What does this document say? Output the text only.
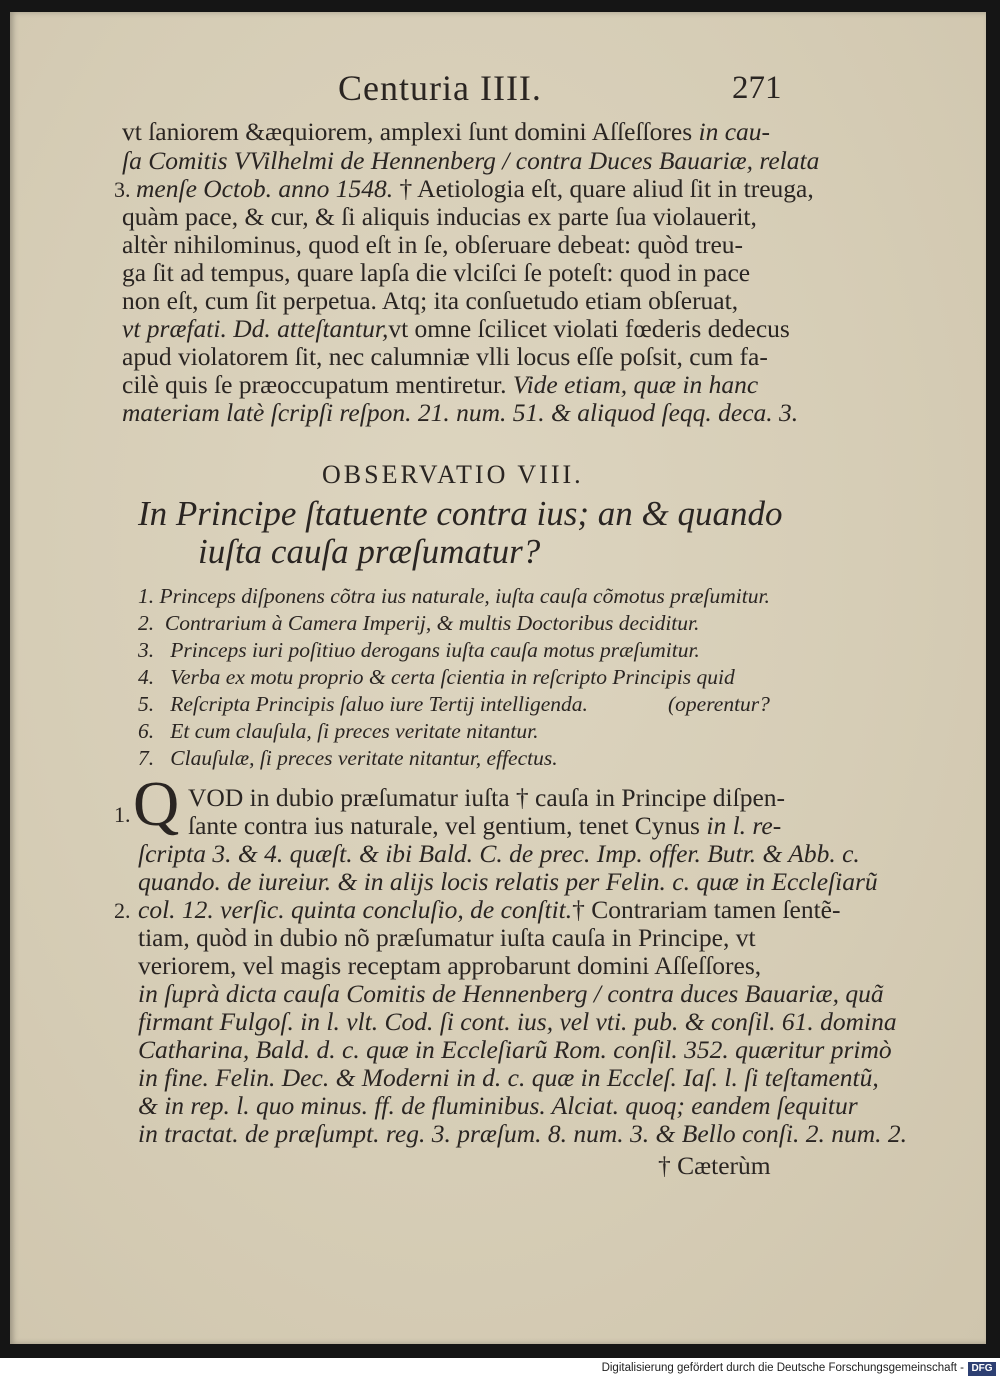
Centuria IIII.	271
vt ſaniorem &æquiorem, amplexi ſunt domini Aſſeſſores in cau-
ſa Comitis VVilhelmi de Hennenberg / contra Duces Bauariæ, relata
3. menſe Octob. anno 1548. † Aetiologia eſt, quare aliud ſit in treuga,
quàm pace, & cur, & ſi aliquis inducias ex parte ſua violauerit,
altèr nihilominus, quod eſt in ſe, obſeruare debeat: quòd treu-
ga ſit ad tempus, quare lapſa die vlciſci ſe poteſt: quod in pace
non eſt, cum ſit perpetua. Atq; ita conſuetudo etiam obſeruat,
vt præfati. Dd. atteſtantur,vt omne ſcilicet violati fœderis dedecus
apud violatorem ſit, nec calumniæ vlli locus eſſe poſsit, cum fa-
cilè quis ſe præoccupatum mentiretur. Vide etiam, quæ in hanc
materiam latè ſcripſi reſpon. 21. num. 51. & aliquod ſeqq. deca. 3.
OBSERVATIO VIII.
In Principe ſtatuente contra ius; an & quando
iuſta cauſa præſumatur?
1. Princeps diſponens cõtra ius naturale, iuſta cauſa cõmotus præſumitur.
2. Contrarium à Camera Imperij, & multis Doctoribus deciditur.
3. Princeps iuri poſitiuo derogans iuſta cauſa motus præſumitur.
4. Verba ex motu proprio & certa ſcientia in reſcripto Principis quid
5. Reſcripta Principis ſaluo iure Tertij intelligenda.	(operentur?
6. Et cum clauſula, ſi preces veritate nitantur.
7. Clauſulæ, ſi preces veritate nitantur, effectus.
1. Q VOD in dubio præſumatur iuſta † cauſa in Principe diſpen-
ſante contra ius naturale, vel gentium, tenet Cynus in l. re-
ſcripta 3. & 4. quæſt. & ibi Bald. C. de prec. Imp. offer. Butr. & Abb. c.
quando. de iureiur. & in alijs locis relatis per Felin. c. quæ in Eccleſiarũ
2. col. 12. verſic. quinta concluſio, de conſtit.† Contrariam tamen ſentẽ-
tiam, quòd in dubio nõ præſumatur iuſta cauſa in Principe, vt
veriorem, vel magis receptam approbarunt domini Aſſeſſores,
in ſuprà dicta cauſa Comitis de Hennenberg / contra duces Bauariæ, quã
firmant Fulgoſ. in l. vlt. Cod. ſi cont. ius, vel vti. pub. & conſil. 61. domina
Catharina, Bald. d. c. quæ in Eccleſiarũ Rom. conſil. 352. quæritur primò
in fine. Felin. Dec. & Moderni in d. c. quæ in Eccleſ. Iaſ. l. ſi teſtamentũ,
& in rep. l. quo minus. ff. de fluminibus. Alciat. quoq; eandem ſequitur
in tractat. de præſumpt. reg. 3. præſum. 8. num. 3. & Bello conſi. 2. num. 2.
† Cæterùm
Digitalisierung gefördert durch die Deutsche Forschungsgemeinschaft - DFG
